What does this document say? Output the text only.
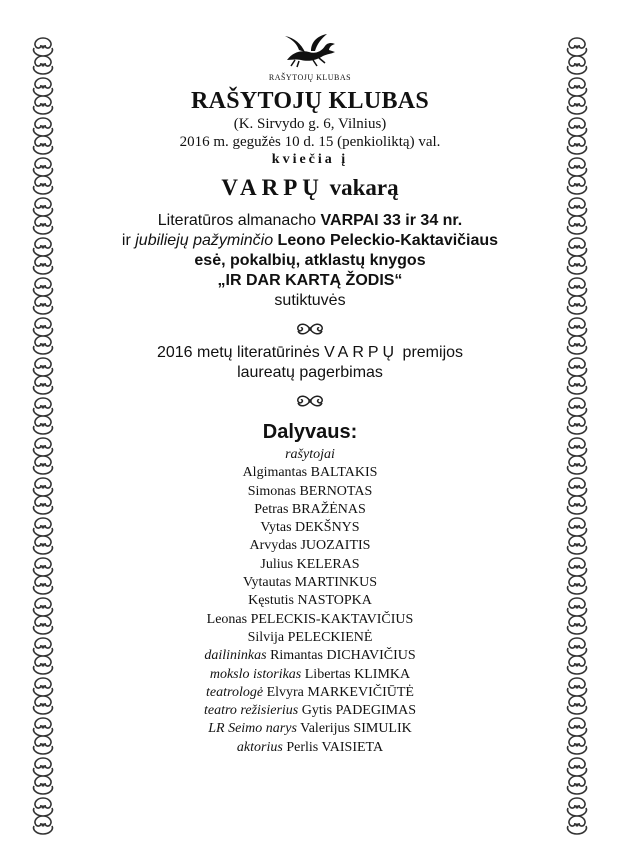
RAŠYTOJŲ KLUBAS
RAŠYTOJŲ KLUBAS
(K. Sirvydo g. 6, Vilnius)
2016 m. gegužės 10 d. 15 (penkioliktą) val.
kviečia į
VARPŲ vakarą
Literatūros almanacho VARPAI 33 ir 34 nr.
ir jubiliejų pažyminčio Leono Peleckio-Kaktavičiaus
esė, pokalbių, atklastų knygos
„IR DAR KARTĄ ŽODIS“
sutiktuvės
2016 metų literatūrinės VARPŲ premijos
laureatų pagerbimas
Dalyvaus:
rašytojai
Algimantas BALTAKIS
Simonas BERNOTAS
Petras BRAŽĖNAS
Vytas DEKŠNYS
Arvydas JUOZAITIS
Julius KELERAS
Vytautas MARTINKUS
Kęstutis NASTOPKA
Leonas PELECKIS-KAKTAVIČIUS
Silvija PELECKIENĖ
dailininkas Rimantas DICHAVIČIUS
mokslo istorikas Libertas KLIMKA
teatrologė Elvyra MARKEVIČIŪTĖ
teatro režisierius Gytis PADEGIMAS
LR Seimo narys Valerijus SIMULIK
aktorius Perlis VAISIETA
